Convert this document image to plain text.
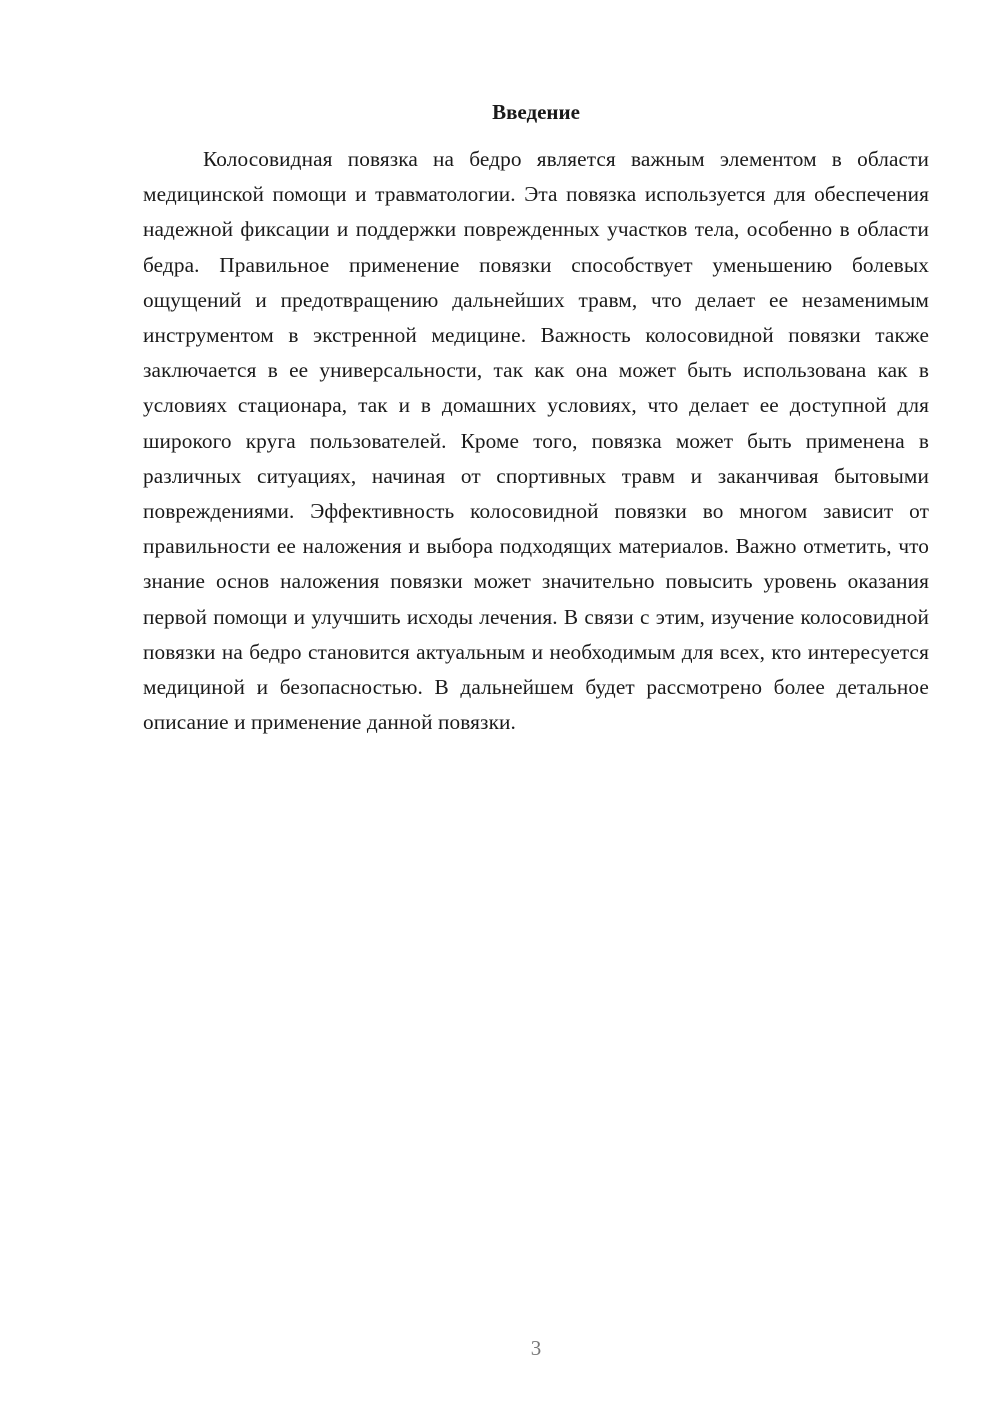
Введение

Колосовидная повязка на бедро является важным элементом в области медицинской помощи и травматологии. Эта повязка используется для обеспечения надежной фиксации и поддержки поврежденных участков тела, особенно в области бедра. Правильное применение повязки способствует уменьшению болевых ощущений и предотвращению дальнейших травм, что делает ее незаменимым инструментом в экстренной медицине. Важность колосовидной повязки также заключается в ее универсальности, так как она может быть использована как в условиях стационара, так и в домашних условиях, что делает ее доступной для широкого круга пользователей. Кроме того, повязка может быть применена в различных ситуациях, начиная от спортивных травм и заканчивая бытовыми повреждениями. Эффективность колосовидной повязки во многом зависит от правильности ее наложения и выбора подходящих материалов. Важно отметить, что знание основ наложения повязки может значительно повысить уровень оказания первой помощи и улучшить исходы лечения. В связи с этим, изучение колосовидной повязки на бедро становится актуальным и необходимым для всех, кто интересуется медициной и безопасностью. В дальнейшем будет рассмотрено более детальное описание и применение данной повязки.

3
